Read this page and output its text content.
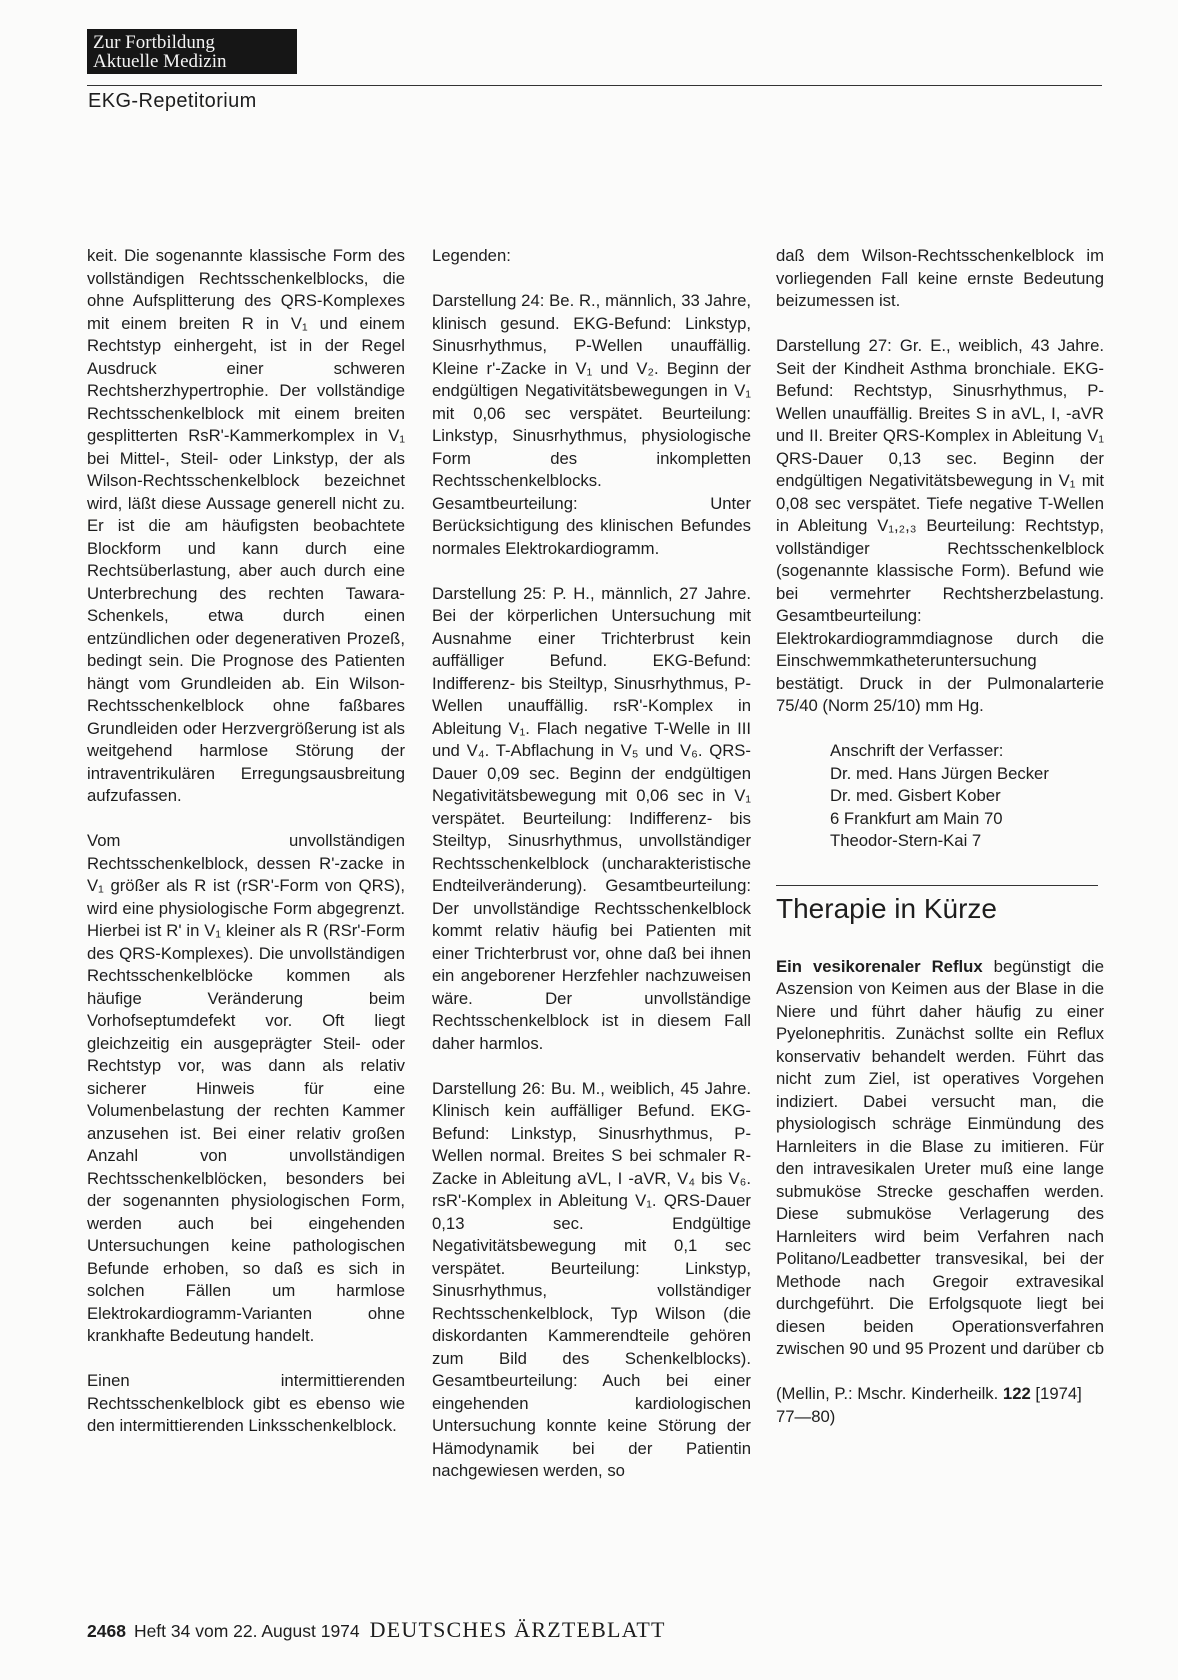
Zur Fortbildung
Aktuelle Medizin
EKG-Repetitorium

keit. Die sogenannte klassische Form des vollständigen Rechtsschenkelblocks, die ohne Aufsplitterung des QRS-Komplexes mit einem breiten R in V₁ und einem Rechtstyp einhergeht, ist in der Regel Ausdruck einer schweren Rechtsherzhypertrophie. Der vollständige Rechtsschenkelblock mit einem breiten gesplitterten RsR'-Kammerkomplex in V₁ bei Mittel-, Steil- oder Linkstyp, der als Wilson-Rechtsschenkelblock bezeichnet wird, läßt diese Aussage generell nicht zu. Er ist die am häufigsten beobachtete Blockform und kann durch eine Rechtsüberlastung, aber auch durch eine Unterbrechung des rechten Tawara-Schenkels, etwa durch einen entzündlichen oder degenerativen Prozeß, bedingt sein. Die Prognose des Patienten hängt vom Grundleiden ab. Ein Wilson-Rechtsschenkelblock ohne faßbares Grundleiden oder Herzvergrößerung ist als weitgehend harmlose Störung der intraventrikulären Erregungsausbreitung aufzufassen.

Vom unvollständigen Rechtsschenkelblock, dessen R'-zacke in V₁ größer als R ist (rSR'-Form von QRS), wird eine physiologische Form abgegrenzt. Hierbei ist R' in V₁ kleiner als R (RSr'-Form des QRS-Komplexes). Die unvollständigen Rechtsschenkelblöcke kommen als häufige Veränderung beim Vorhofseptumdefekt vor. Oft liegt gleichzeitig ein ausgeprägter Steil- oder Rechtstyp vor, was dann als relativ sicherer Hinweis für eine Volumenbelastung der rechten Kammer anzusehen ist. Bei einer relativ großen Anzahl von unvollständigen Rechtsschenkelblöcken, besonders bei der sogenannten physiologischen Form, werden auch bei eingehenden Untersuchungen keine pathologischen Befunde erhoben, so daß es sich in solchen Fällen um harmlose Elektrokardiogramm-Varianten ohne krankhafte Bedeutung handelt.

Einen intermittierenden Rechtsschenkelblock gibt es ebenso wie den intermittierenden Linksschenkelblock.

Legenden:

Darstellung 24: Be. R., männlich, 33 Jahre, klinisch gesund. EKG-Befund: Linkstyp, Sinusrhythmus, P-Wellen unauffällig. Kleine r'-Zacke in V₁ und V₂. Beginn der endgültigen Negativitätsbewegungen in V₁ mit 0,06 sec verspätet. Beurteilung: Linkstyp, Sinusrhythmus, physiologische Form des inkompletten Rechtsschenkelblocks. Gesamtbeurteilung: Unter Berücksichtigung des klinischen Befundes normales Elektrokardiogramm.

Darstellung 25: P. H., männlich, 27 Jahre. Bei der körperlichen Untersuchung mit Ausnahme einer Trichterbrust kein auffälliger Befund. EKG-Befund: Indifferenz- bis Steiltyp, Sinusrhythmus, P-Wellen unauffällig. rsR'-Komplex in Ableitung V₁. Flach negative T-Welle in III und V₄. T-Abflachung in V₅ und V₆. QRS-Dauer 0,09 sec. Beginn der endgültigen Negativitätsbewegung mit 0,06 sec in V₁ verspätet. Beurteilung: Indifferenz- bis Steiltyp, Sinusrhythmus, unvollständiger Rechtsschenkelblock (uncharakteristische Endteilveränderung). Gesamtbeurteilung: Der unvollständige Rechtsschenkelblock kommt relativ häufig bei Patienten mit einer Trichterbrust vor, ohne daß bei ihnen ein angeborener Herzfehler nachzuweisen wäre. Der unvollständige Rechtsschenkelblock ist in diesem Fall daher harmlos.

Darstellung 26: Bu. M., weiblich, 45 Jahre. Klinisch kein auffälliger Befund. EKG-Befund: Linkstyp, Sinusrhythmus, P-Wellen normal. Breites S bei schmaler R-Zacke in Ableitung aVL, I -aVR, V₄ bis V₆. rsR'-Komplex in Ableitung V₁. QRS-Dauer 0,13 sec. Endgültige Negativitätsbewegung mit 0,1 sec verspätet. Beurteilung: Linkstyp, Sinusrhythmus, vollständiger Rechtsschenkelblock, Typ Wilson (die diskordanten Kammerendteile gehören zum Bild des Schenkelblocks). Gesamtbeurteilung: Auch bei einer eingehenden kardiologischen Untersuchung konnte keine Störung der Hämodynamik bei der Patientin nachgewiesen werden, so

daß dem Wilson-Rechtsschenkelblock im vorliegenden Fall keine ernste Bedeutung beizumessen ist.

Darstellung 27: Gr. E., weiblich, 43 Jahre. Seit der Kindheit Asthma bronchiale. EKG-Befund: Rechtstyp, Sinusrhythmus, P-Wellen unauffällig. Breites S in aVL, I, -aVR und II. Breiter QRS-Komplex in Ableitung V₁ QRS-Dauer 0,13 sec. Beginn der endgültigen Negativitätsbewegung in V₁ mit 0,08 sec verspätet. Tiefe negative T-Wellen in Ableitung V₁,₂,₃ Beurteilung: Rechtstyp, vollständiger Rechtsschenkelblock (sogenannte klassische Form). Befund wie bei vermehrter Rechtsherzbelastung. Gesamtbeurteilung: Elektrokardiogrammdiagnose durch die Einschwemmkatheteruntersuchung bestätigt. Druck in der Pulmonalarterie 75/40 (Norm 25/10) mm Hg.

Anschrift der Verfasser:
Dr. med. Hans Jürgen Becker
Dr. med. Gisbert Kober
6 Frankfurt am Main 70
Theodor-Stern-Kai 7
Therapie in Kürze

Ein vesikorenaler Reflux begünstigt die Aszension von Keimen aus der Blase in die Niere und führt daher häufig zu einer Pyelonephritis. Zunächst sollte ein Reflux konservativ behandelt werden. Führt das nicht zum Ziel, ist operatives Vorgehen indiziert. Dabei versucht man, die physiologisch schräge Einmündung des Harnleiters in die Blase zu imitieren. Für den intravesikalen Ureter muß eine lange submuköse Strecke geschaffen werden. Diese submuköse Verlagerung des Harnleiters wird beim Verfahren nach Politano/Leadbetter transvesikal, bei der Methode nach Gregoir extravesikal durchgeführt. Die Erfolgsquote liegt bei diesen beiden Operationsverfahren zwischen 90 und 95 Prozent und darüber cb

(Mellin, P.: Mschr. Kinderheilk. 122 [1974] 77—80)

2468 Heft 34 vom 22. August 1974 DEUTSCHES ÄRZTEBLATT
